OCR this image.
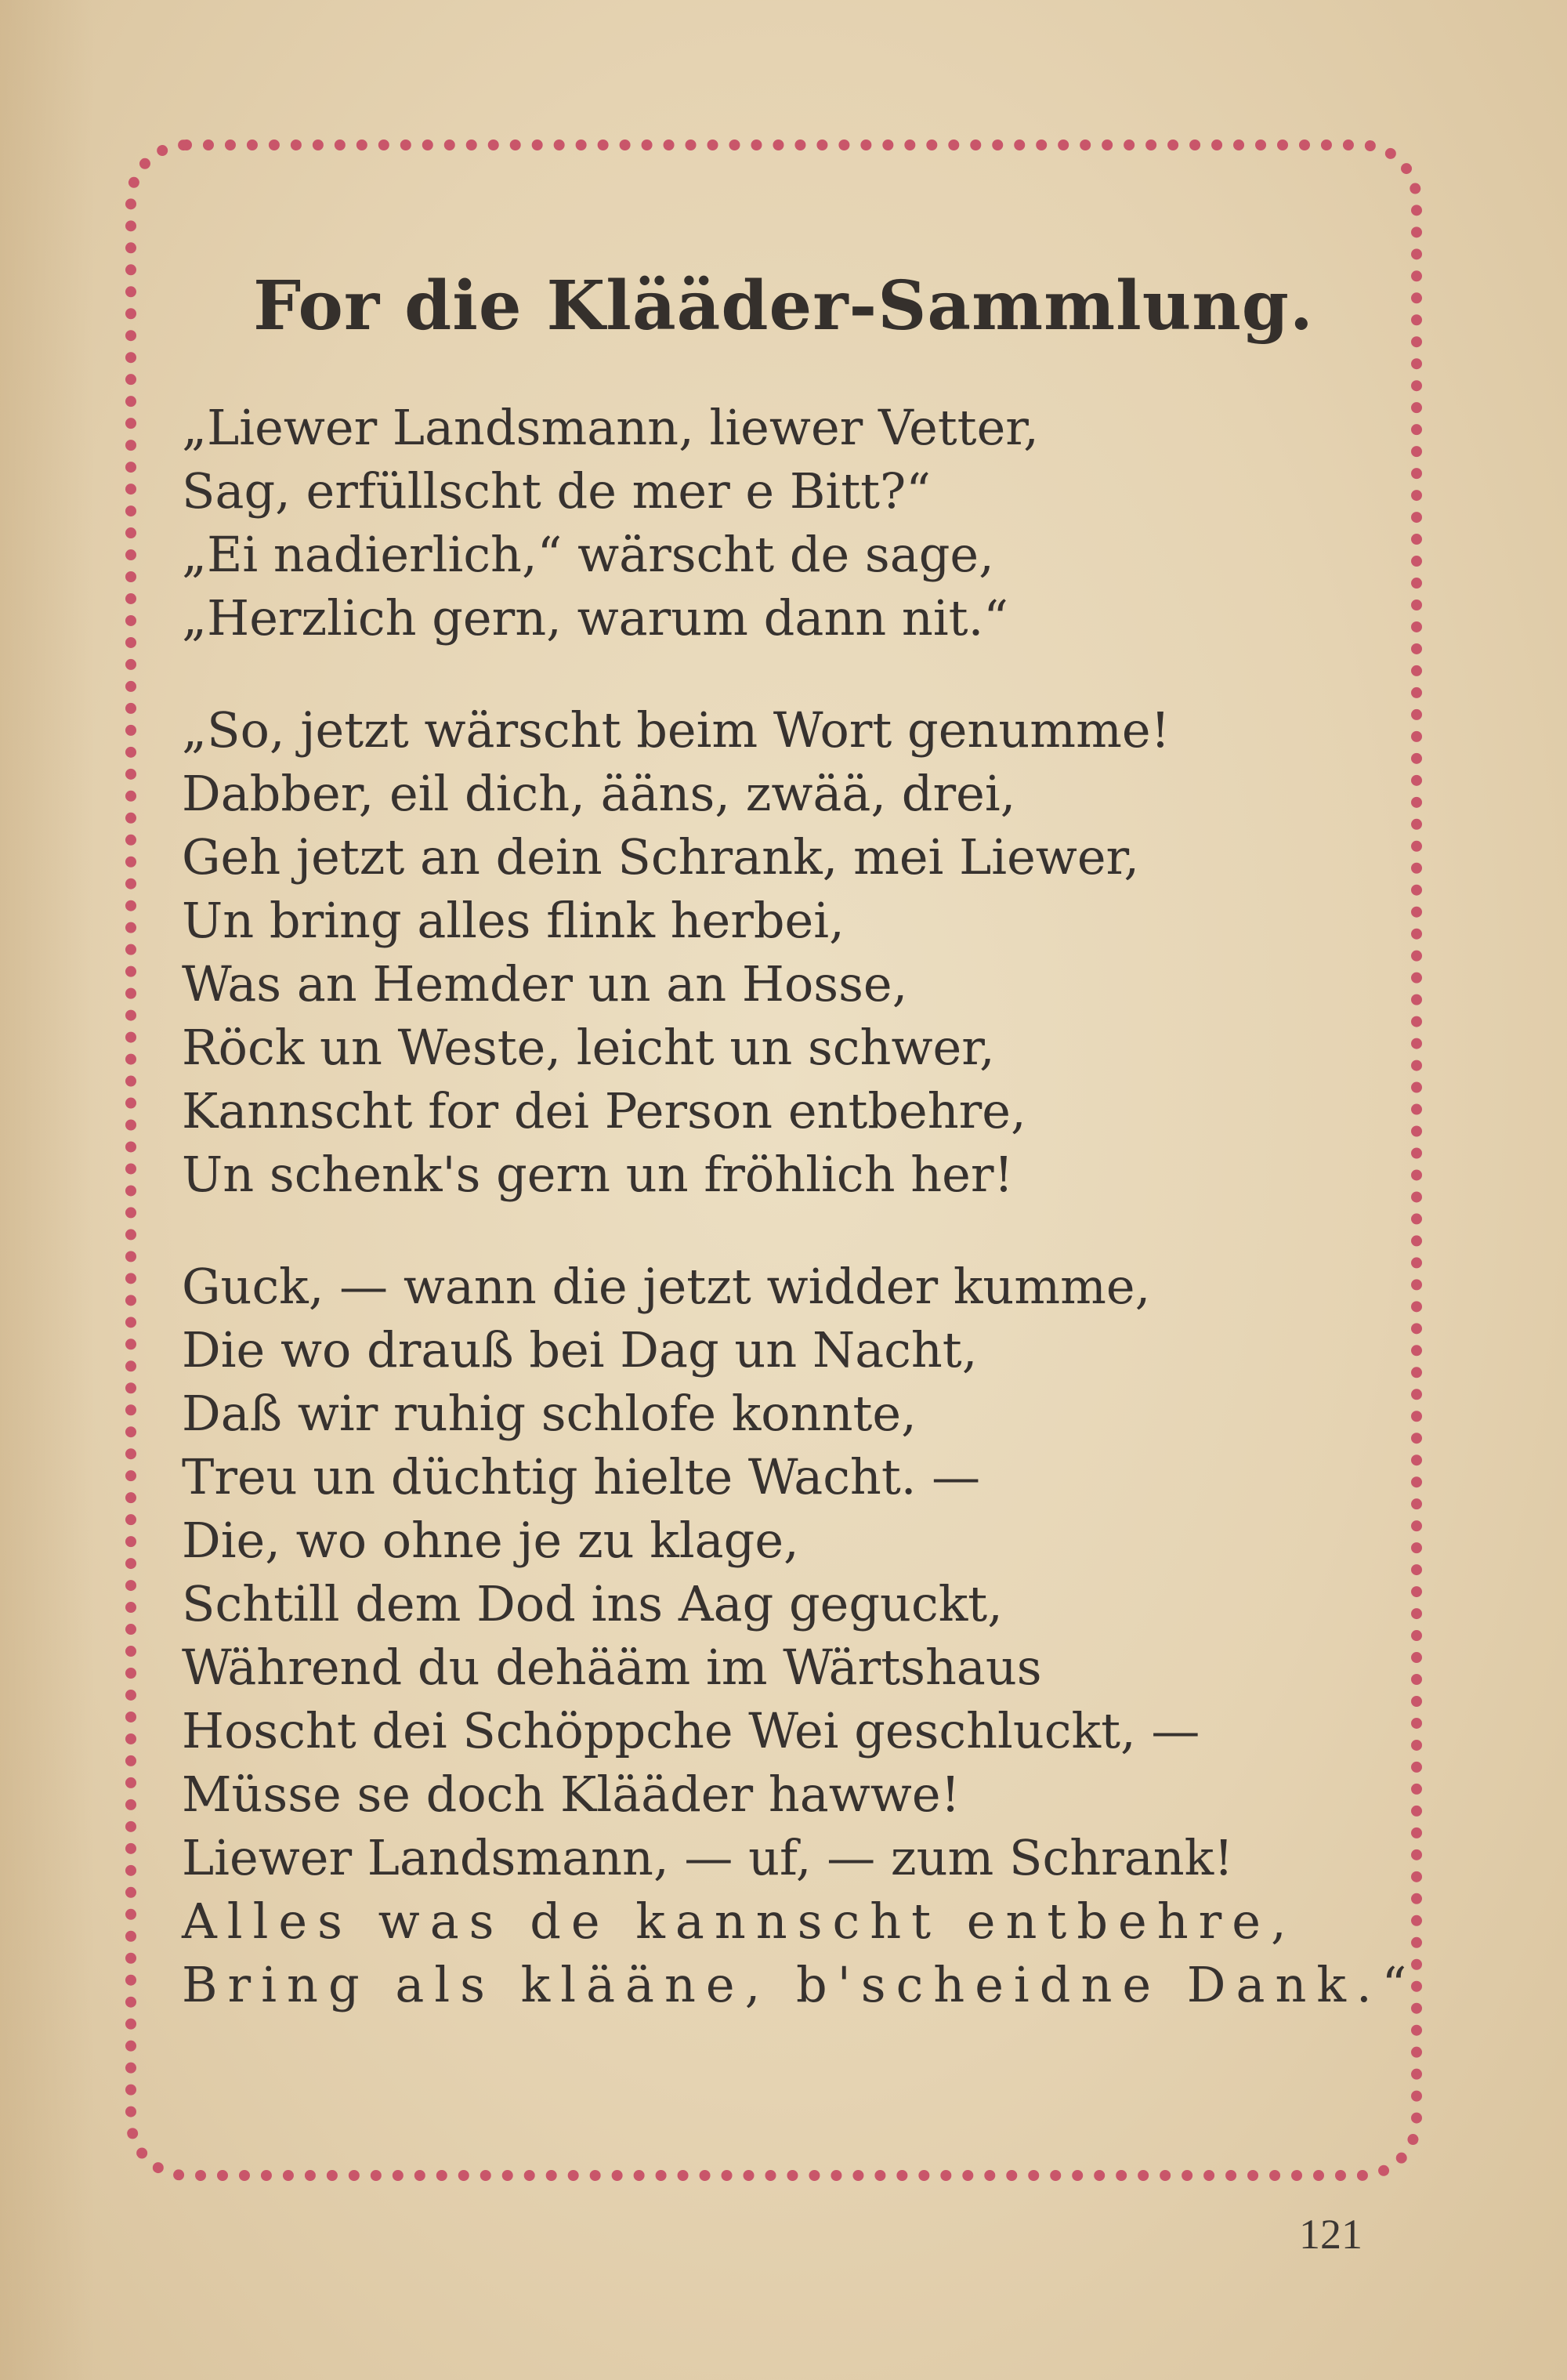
For die Klääder-Sammlung.
„Liewer Landsmann, liewer Vetter,
Sag, erfüllscht de mer e Bitt?“
„Ei nadierlich,“ wärscht de sage,
„Herzlich gern, warum dann nit.“
„So, jetzt wärscht beim Wort genumme!
Dabber, eil dich, ääns, zwää, drei,
Geh jetzt an dein Schrank, mei Liewer,
Un bring alles flink herbei,
Was an Hemder un an Hosse,
Röck un Weste, leicht un schwer,
Kannscht for dei Person entbehre,
Un schenk's gern un fröhlich her!
Guck, — wann die jetzt widder kumme,
Die wo drauß bei Dag un Nacht,
Daß wir ruhig schlofe konnte,
Treu un düchtig hielte Wacht. —
Die, wo ohne je zu klage,
Schtill dem Dod ins Aag geguckt,
Während du dehääm im Wärtshaus
Hoscht dei Schöppche Wei geschluckt, —
Müsse se doch Klääder hawwe!
Liewer Landsmann, — uf, — zum Schrank!
Alles was de kannscht entbehre,
Bring als klääne, b'scheidne Dank.“
121
